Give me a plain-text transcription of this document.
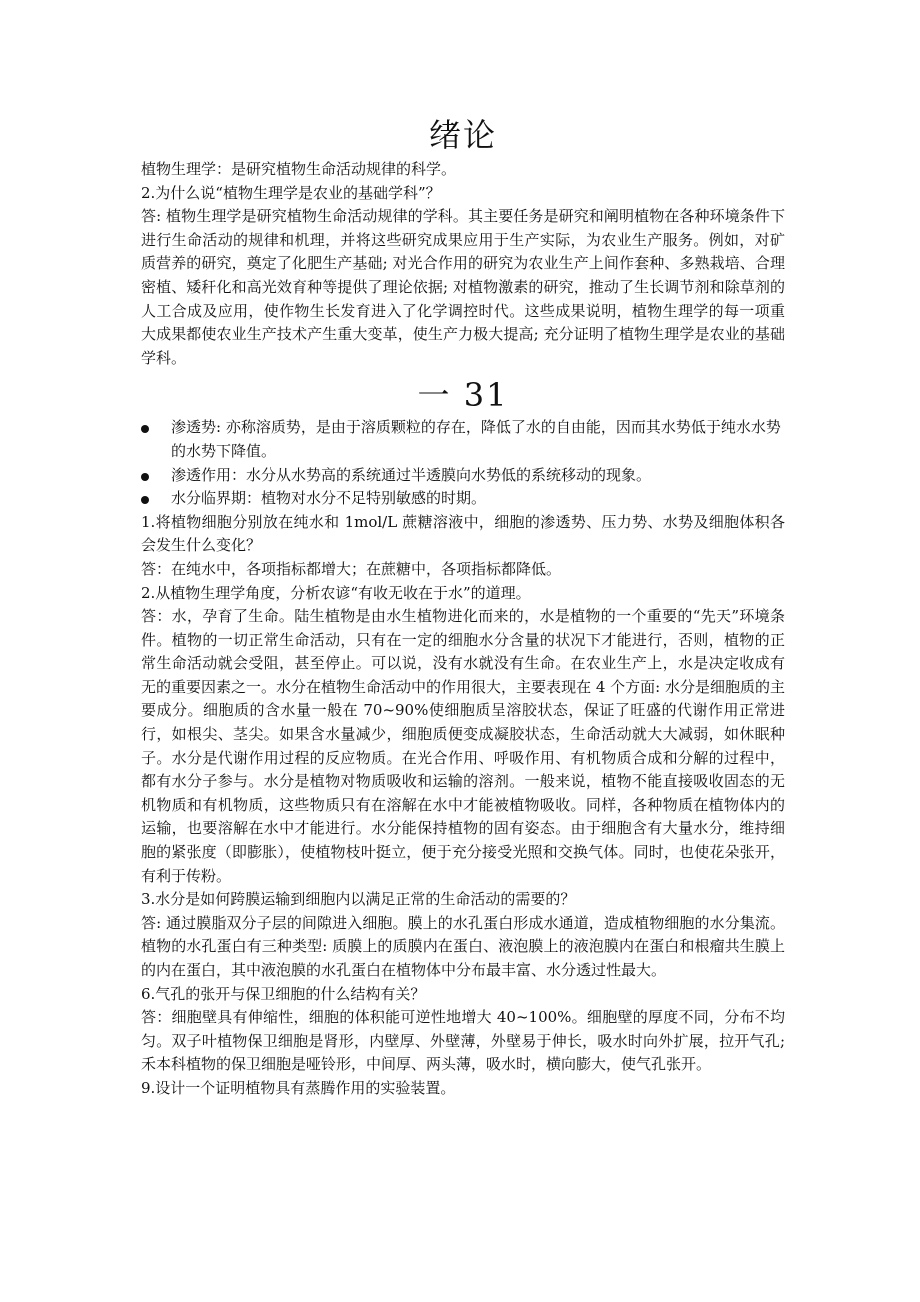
绪论

植物生理学：是研究植物生命活动规律的科学。

2.为什么说“植物生理学是农业的基础学科”？

答: 植物生理学是研究植物生命活动规律的学科。其主要任务是研究和阐明植物在各种环境条件下进行生命活动的规律和机理，并将这些研究成果应用于生产实际，为农业生产服务。例如，对矿质营养的研究，奠定了化肥生产基础; 对光合作用的研究为农业生产上间作套种、多熟栽培、合理密植、矮秆化和高光效育种等提供了理论依据; 对植物激素的研究，推动了生长调节剂和除草剂的人工合成及应用，使作物生长发育进入了化学调控时代。这些成果说明，植物生理学的每一项重大成果都使农业生产技术产生重大变革，使生产力极大提高; 充分证明了植物生理学是农业的基础学科。

一 31
渗透势: 亦称溶质势，是由于溶质颗粒的存在，降低了水的自由能，因而其水势低于纯水水势的水势下降值。
渗透作用：水分从水势高的系统通过半透膜向水势低的系统移动的现象。
水分临界期：植物对水分不足特别敏感的时期。

1.将植物细胞分别放在纯水和 1mol/L 蔗糖溶液中，细胞的渗透势、压力势、水势及细胞体积各会发生什么变化？

答：在纯水中，各项指标都增大；在蔗糖中，各项指标都降低。

2.从植物生理学角度，分析农谚“有收无收在于水”的道理。

答：水，孕育了生命。陆生植物是由水生植物进化而来的，水是植物的一个重要的“先天”环境条件。植物的一切正常生命活动，只有在一定的细胞水分含量的状况下才能进行，否则，植物的正常生命活动就会受阻，甚至停止。可以说，没有水就没有生命。在农业生产上，水是决定收成有无的重要因素之一。水分在植物生命活动中的作用很大，主要表现在 4 个方面: 水分是细胞质的主要成分。细胞质的含水量一般在 70~90%使细胞质呈溶胶状态，保证了旺盛的代谢作用正常进行，如根尖、茎尖。如果含水量减少，细胞质便变成凝胶状态，生命活动就大大减弱，如休眠种子。水分是代谢作用过程的反应物质。在光合作用、呼吸作用、有机物质合成和分解的过程中，都有水分子参与。水分是植物对物质吸收和运输的溶剂。一般来说，植物不能直接吸收固态的无机物质和有机物质，这些物质只有在溶解在水中才能被植物吸收。同样，各种物质在植物体内的运输，也要溶解在水中才能进行。水分能保持植物的固有姿态。由于细胞含有大量水分，维持细胞的紧张度（即膨胀），使植物枝叶挺立，便于充分接受光照和交换气体。同时，也使花朵张开，有利于传粉。

3.水分是如何跨膜运输到细胞内以满足正常的生命活动的需要的？

答: 通过膜脂双分子层的间隙进入细胞。膜上的水孔蛋白形成水通道，造成植物细胞的水分集流。植物的水孔蛋白有三种类型: 质膜上的质膜内在蛋白、液泡膜上的液泡膜内在蛋白和根瘤共生膜上的内在蛋白，其中液泡膜的水孔蛋白在植物体中分布最丰富、水分透过性最大。

6.气孔的张开与保卫细胞的什么结构有关？

答：细胞壁具有伸缩性，细胞的体积能可逆性地增大 40~100%。细胞壁的厚度不同，分布不均匀。双子叶植物保卫细胞是肾形，内壁厚、外壁薄，外壁易于伸长，吸水时向外扩展，拉开气孔; 禾本科植物的保卫细胞是哑铃形，中间厚、两头薄，吸水时，横向膨大，使气孔张开。

9.设计一个证明植物具有蒸腾作用的实验装置。
